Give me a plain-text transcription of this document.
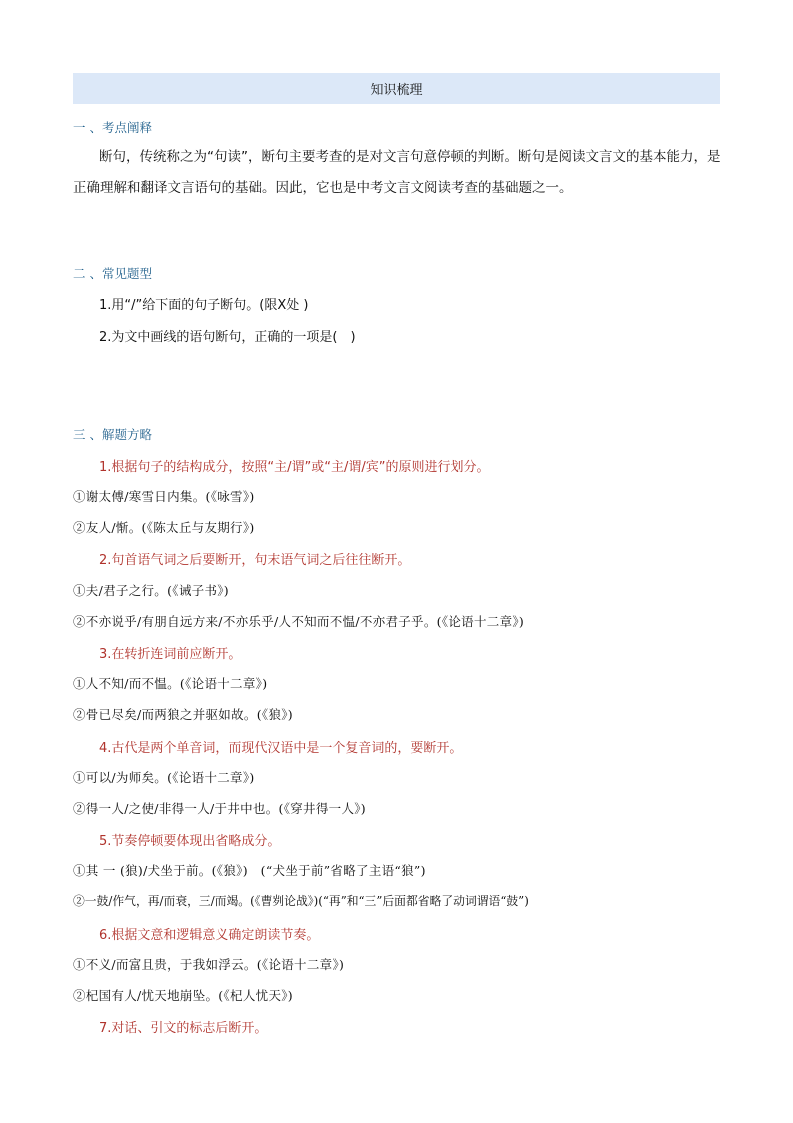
知识梳理
一 、考点阐释
断句，传统称之为“句读”，断句主要考查的是对文言句意停顿的判断。断句是阅读文言文的基本能力，是正确理解和翻译文言语句的基础。因此，它也是中考文言文阅读考查的基础题之一。
二 、常见题型
1.用“/”给下面的句子断句。(限X处 )
2.为文中画线的语句断句，正确的一项是(　)
三 、解题方略
1.根据句子的结构成分，按照“主/谓”或“主/谓/宾”的原则进行划分。
①谢太傅/寒雪日内集。(《咏雪》)
②友人/惭。(《陈太丘与友期行》)
2.句首语气词之后要断开，句末语气词之后往往断开。
①夫/君子之行。(《诫子书》)
②不亦说乎/有朋自远方来/不亦乐乎/人不知而不愠/不亦君子乎。(《论语十二章》)
3.在转折连词前应断开。
①人不知/而不愠。(《论语十二章》)
②骨已尽矣/而两狼之并驱如故。(《狼》)
4.古代是两个单音词，而现代汉语中是一个复音词的，要断开。
①可以/为师矣。(《论语十二章》)
②得一人/之使/非得一人/于井中也。(《穿井得一人》)
5.节奏停顿要体现出省略成分。
①其 一 (狼)/犬坐于前。(《狼》)　(“犬坐于前”省略了主语“狼”)
②一鼓/作气，再/而衰，三/而竭。(《曹刿论战》)(“再”和“三”后面都省略了动词谓语“鼓”)
6.根据文意和逻辑意义确定朗读节奏。
①不义/而富且贵，于我如浮云。(《论语十二章》)
②杞国有人/忧天地崩坠。(《杞人忧天》)
7.对话、引文的标志后断开。
